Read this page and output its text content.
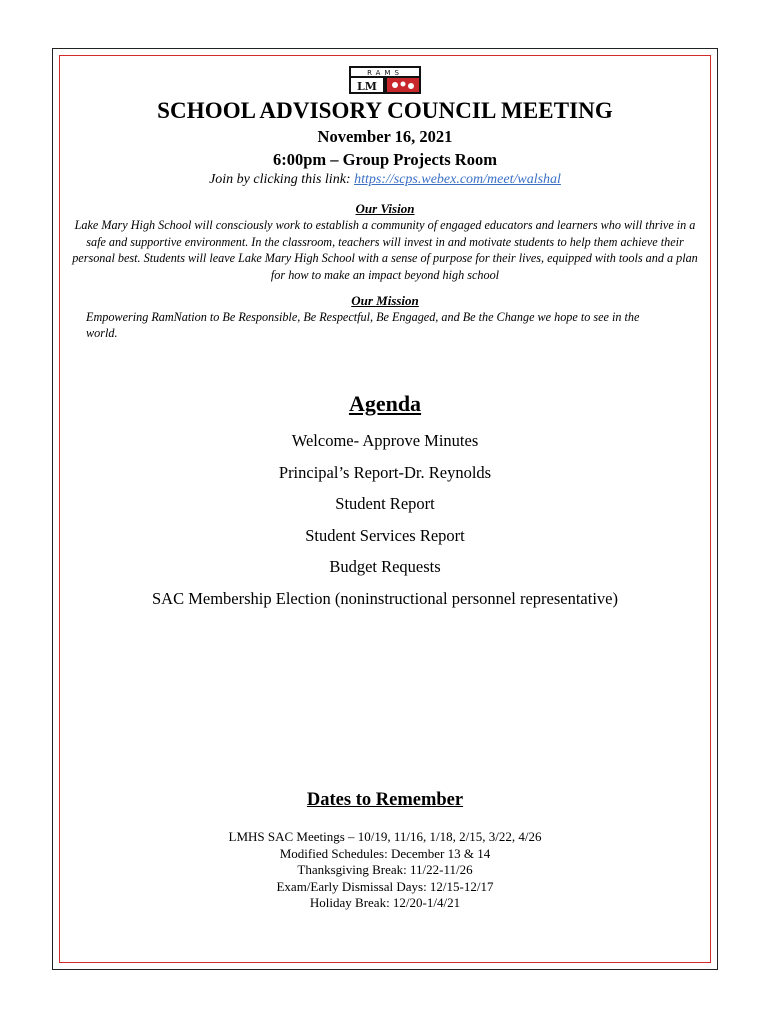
RAMS
LM
SCHOOL ADVISORY COUNCIL MEETING
November 16, 2021
6:00pm – Group Projects Room
Join by clicking this link: https://scps.webex.com/meet/walshal
Our Vision

Lake Mary High School will consciously work to establish a community of engaged educators and learners who will thrive in a safe and supportive environment. In the classroom, teachers will invest in and motivate students to help them achieve their personal best. Students will leave Lake Mary High School with a sense of purpose for their lives, equipped with tools and a plan for how to make an impact beyond high school

Our Mission

Empowering RamNation to Be Responsible, Be Respectful, Be Engaged, and Be the Change we hope to see in the world.

Agenda
Welcome- Approve Minutes
Principal’s Report-Dr. Reynolds
Student Report
Student Services Report
Budget Requests
SAC Membership Election (noninstructional personnel representative)
Dates to Remember
LMHS SAC Meetings – 10/19, 11/16, 1/18, 2/15, 3/22, 4/26
Modified Schedules: December 13 & 14
Thanksgiving Break: 11/22-11/26
Exam/Early Dismissal Days: 12/15-12/17
Holiday Break: 12/20-1/4/21
